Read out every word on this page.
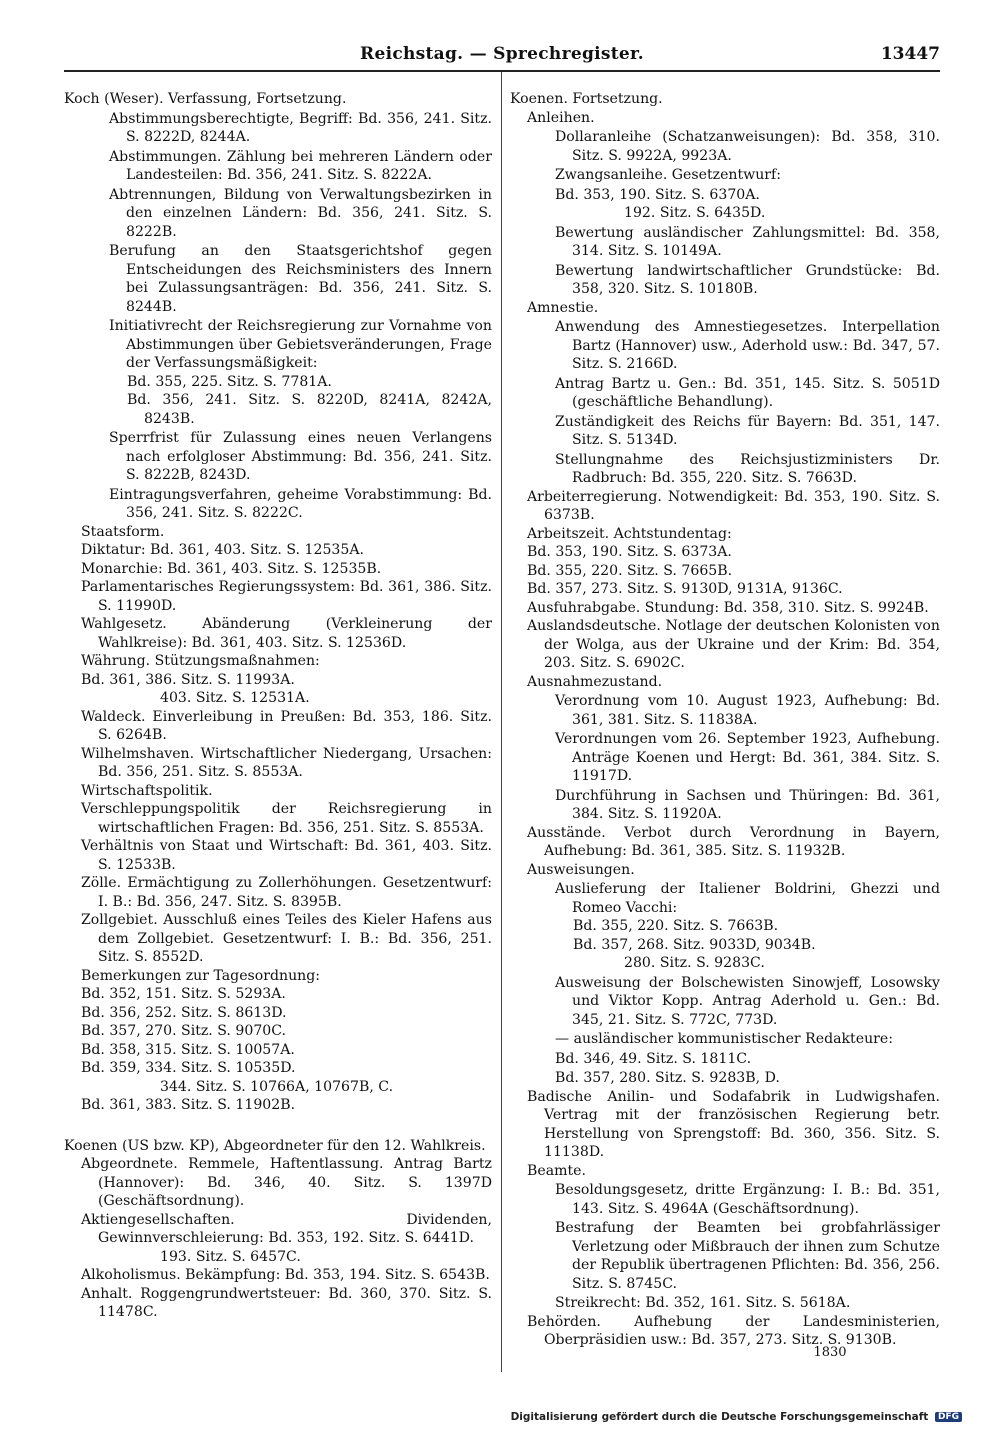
Reichstag. — Sprechregister.	13447
Koch (Weser). Verfassung, Fortsetzung.
Abstimmungsberechtigte, Begriff: Bd. 356, 241. Sitz. S. 8222D, 8244A.
Abstimmungen. Zählung bei mehreren Ländern oder Landesteilen: Bd. 356, 241. Sitz. S. 8222A.
Abtrennungen, Bildung von Verwaltungsbezirken in den einzelnen Ländern: Bd. 356, 241. Sitz. S. 8222B.
Berufung an den Staatsgerichtshof gegen Entscheidungen des Reichsministers des Innern bei Zulassungsanträgen: Bd. 356, 241. Sitz. S. 8244B.
Initiativrecht der Reichsregierung zur Vornahme von Abstimmungen über Gebietsveränderungen, Frage der Verfassungsmäßigkeit:
Bd. 355, 225. Sitz. S. 7781A.
Bd. 356, 241. Sitz. S. 8220D, 8241A, 8242A, 8243B.
Sperrfrist für Zulassung eines neuen Verlangens nach erfolgloser Abstimmung: Bd. 356, 241. Sitz. S. 8222B, 8243D.
Eintragungsverfahren, geheime Vorabstimmung: Bd. 356, 241. Sitz. S. 8222C.
Staatsform.
Diktatur: Bd. 361, 403. Sitz. S. 12535A.
Monarchie: Bd. 361, 403. Sitz. S. 12535B.
Parlamentarisches Regierungssystem: Bd. 361, 386. Sitz. S. 11990D.
Wahlgesetz. Abänderung (Verkleinerung der Wahlkreise): Bd. 361, 403. Sitz. S. 12536D.
Währung. Stützungsmaßnahmen:
Bd. 361, 386. Sitz. S. 11993A.
403. Sitz. S. 12531A.
Waldeck. Einverleibung in Preußen: Bd. 353, 186. Sitz. S. 6264B.
Wilhelmshaven. Wirtschaftlicher Niedergang, Ursachen: Bd. 356, 251. Sitz. S. 8553A.
Wirtschaftspolitik.
Verschleppungspolitik der Reichsregierung in wirtschaftlichen Fragen: Bd. 356, 251. Sitz. S. 8553A.
Verhältnis von Staat und Wirtschaft: Bd. 361, 403. Sitz. S. 12533B.
Zölle. Ermächtigung zu Zollerhöhungen. Gesetzentwurf: I. B.: Bd. 356, 247. Sitz. S. 8395B.
Zollgebiet. Ausschluß eines Teiles des Kieler Hafens aus dem Zollgebiet. Gesetzentwurf: I. B.: Bd. 356, 251. Sitz. S. 8552D.
Bemerkungen zur Tagesordnung:
Bd. 352, 151. Sitz. S. 5293A.
Bd. 356, 252. Sitz. S. 8613D.
Bd. 357, 270. Sitz. S. 9070C.
Bd. 358, 315. Sitz. S. 10057A.
Bd. 359, 334. Sitz. S. 10535D.
344. Sitz. S. 10766A, 10767B, C.
Bd. 361, 383. Sitz. S. 11902B.
Koenen (US bzw. KP), Abgeordneter für den 12. Wahlkreis.
Abgeordnete. Remmele, Haftentlassung. Antrag Bartz (Hannover): Bd. 346, 40. Sitz. S. 1397D (Geschäftsordnung).
Aktiengesellschaften. Dividenden, Gewinnverschleierung: Bd. 353, 192. Sitz. S. 6441D.
193. Sitz. S. 6457C.
Alkoholismus. Bekämpfung: Bd. 353, 194. Sitz. S. 6543B.
Anhalt. Roggengrundwertsteuer: Bd. 360, 370. Sitz. S. 11478C.
Koenen. Fortsetzung.
Anleihen.
Dollaranleihe (Schatzanweisungen): Bd. 358, 310. Sitz. S. 9922A, 9923A.
Zwangsanleihe. Gesetzentwurf:
Bd. 353, 190. Sitz. S. 6370A.
192. Sitz. S. 6435D.
Bewertung ausländischer Zahlungsmittel: Bd. 358, 314. Sitz. S. 10149A.
Bewertung landwirtschaftlicher Grundstücke: Bd. 358, 320. Sitz. S. 10180B.
Amnestie.
Anwendung des Amnestiegesetzes. Interpellation Bartz (Hannover) usw., Aderhold usw.: Bd. 347, 57. Sitz. S. 2166D.
Antrag Bartz u. Gen.: Bd. 351, 145. Sitz. S. 5051D (geschäftliche Behandlung).
Zuständigkeit des Reichs für Bayern: Bd. 351, 147. Sitz. S. 5134D.
Stellungnahme des Reichsjustizministers Dr. Radbruch: Bd. 355, 220. Sitz. S. 7663D.
Arbeiterregierung. Notwendigkeit: Bd. 353, 190. Sitz. S. 6373B.
Arbeitszeit. Achtstundentag:
Bd. 353, 190. Sitz. S. 6373A.
Bd. 355, 220. Sitz. S. 7665B.
Bd. 357, 273. Sitz. S. 9130D, 9131A, 9136C.
Ausfuhrabgabe. Stundung: Bd. 358, 310. Sitz. S. 9924B.
Auslandsdeutsche. Notlage der deutschen Kolonisten von der Wolga, aus der Ukraine und der Krim: Bd. 354, 203. Sitz. S. 6902C.
Ausnahmezustand.
Verordnung vom 10. August 1923, Aufhebung: Bd. 361, 381. Sitz. S. 11838A.
Verordnungen vom 26. September 1923, Aufhebung. Anträge Koenen und Hergt: Bd. 361, 384. Sitz. S. 11917D.
Durchführung in Sachsen und Thüringen: Bd. 361, 384. Sitz. S. 11920A.
Ausstände. Verbot durch Verordnung in Bayern, Aufhebung: Bd. 361, 385. Sitz. S. 11932B.
Ausweisungen.
Auslieferung der Italiener Boldrini, Ghezzi und Romeo Vacchi:
Bd. 355, 220. Sitz. S. 7663B.
Bd. 357, 268. Sitz. 9033D, 9034B.
280. Sitz. S. 9283C.
Ausweisung der Bolschewisten Sinowjeff, Losowsky und Viktor Kopp. Antrag Aderhold u. Gen.: Bd. 345, 21. Sitz. S. 772C, 773D.
— ausländischer kommunistischer Redakteure:
Bd. 346, 49. Sitz. S. 1811C.
Bd. 357, 280. Sitz. S. 9283B, D.
Badische Anilin- und Sodafabrik in Ludwigshafen. Vertrag mit der französischen Regierung betr. Herstellung von Sprengstoff: Bd. 360, 356. Sitz. S. 11138D.
Beamte.
Besoldungsgesetz, dritte Ergänzung: I. B.: Bd. 351, 143. Sitz. S. 4964A (Geschäftsordnung).
Bestrafung der Beamten bei grobfahrlässiger Verletzung oder Mißbrauch der ihnen zum Schutze der Republik übertragenen Pflichten: Bd. 356, 256. Sitz. S. 8745C.
Streikrecht: Bd. 352, 161. Sitz. S. 5618A.
Behörden. Aufhebung der Landesministerien, Oberpräsidien usw.: Bd. 357, 273. Sitz. S. 9130B.
1830
Digitalisierung gefördert durch die Deutsche Forschungsgemeinschaft DFG
